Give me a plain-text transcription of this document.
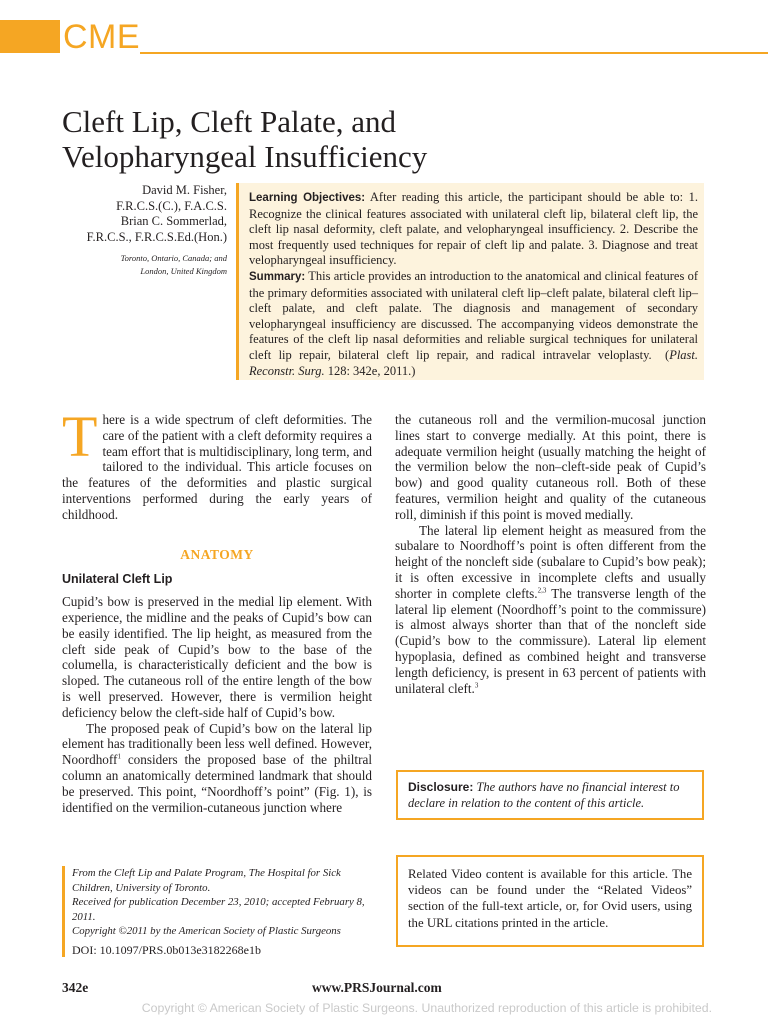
CME
Cleft Lip, Cleft Palate, and
Velopharyngeal Insufficiency
David M. Fisher,
F.R.C.S.(C.), F.A.C.S.
Brian C. Sommerlad,
F.R.C.S., F.R.C.S.Ed.(Hon.)
Toronto, Ontario, Canada; and
London, United Kingdom

Learning Objectives: After reading this article, the participant should be able to: 1. Recognize the clinical features associated with unilateral cleft lip, bilateral cleft lip, the cleft lip nasal deformity, cleft palate, and velopharyngeal insufficiency. 2. Describe the most frequently used techniques for repair of cleft lip and palate. 3. Diagnose and treat velopharyngeal insufficiency.

Summary: This article provides an introduction to the anatomical and clinical features of the primary deformities associated with unilateral cleft lip–cleft palate, bilateral cleft lip–cleft palate, and cleft palate. The diagnosis and management of secondary velopharyngeal insufficiency are discussed. The accompanying videos demonstrate the features of the cleft lip nasal deformities and reliable surgical techniques for unilateral cleft lip repair, bilateral cleft lip repair, and radical intravelar veloplasty. (Plast. Reconstr. Surg. 128: 342e, 2011.)

There is a wide spectrum of cleft deformities. The care of the patient with a cleft deformity requires a team effort that is multidisciplinary, long term, and tailored to the individual. This article focuses on the features of the deformities and plastic surgical interventions performed during the early years of childhood.

ANATOMY
Unilateral Cleft Lip

Cupid’s bow is preserved in the medial lip element. With experience, the midline and the peaks of Cupid’s bow can be easily identified. The lip height, as measured from the cleft side peak of Cupid’s bow to the base of the columella, is characteristically deficient and the bow is sloped. The cutaneous roll of the entire length of the bow is well preserved. However, there is vermilion height deficiency below the cleft-side half of Cupid’s bow.

The proposed peak of Cupid’s bow on the lateral lip element has traditionally been less well defined. However, Noordhoff$^1$ considers the proposed base of the philtral column an anatomically determined landmark that should be preserved. This point, “Noordhoff’s point” (Fig. 1), is identified on the vermilion-cutaneous junction where

the cutaneous roll and the vermilion-mucosal junction lines start to converge medially. At this point, there is adequate vermilion height (usually matching the height of the vermilion below the non–cleft-side peak of Cupid’s bow) and good quality cutaneous roll. Both of these features, vermilion height and quality of the cutaneous roll, diminish if this point is moved medially.

The lateral lip element height as measured from the subalare to Noordhoff’s point is often different from the height of the noncleft side (subalare to Cupid’s bow peak); it is often excessive in incomplete clefts and usually shorter in complete clefts.$^{2,3}$ The transverse length of the lateral lip element (Noordhoff’s point to the commissure) is almost always shorter than that of the noncleft side (Cupid’s bow to the commissure). Lateral lip element hypoplasia, defined as combined height and transverse length deficiency, is present in 63 percent of patients with unilateral cleft.$^3$

Disclosure: The authors have no financial interest to declare in relation to the content of this article.
Related Video content is available for this article. The videos can be found under the “Related Videos” section of the full-text article, or, for Ovid users, using the URL citations printed in the article.
From the Cleft Lip and Palate Program, The Hospital for Sick Children, University of Toronto.
Received for publication December 23, 2010; accepted February 8, 2011.
Copyright ©2011 by the American Society of Plastic Surgeons
DOI: 10.1097/PRS.0b013e3182268e1b
342e	www.PRSJournal.com
Copyright © American Society of Plastic Surgeons. Unauthorized reproduction of this article is prohibited.
